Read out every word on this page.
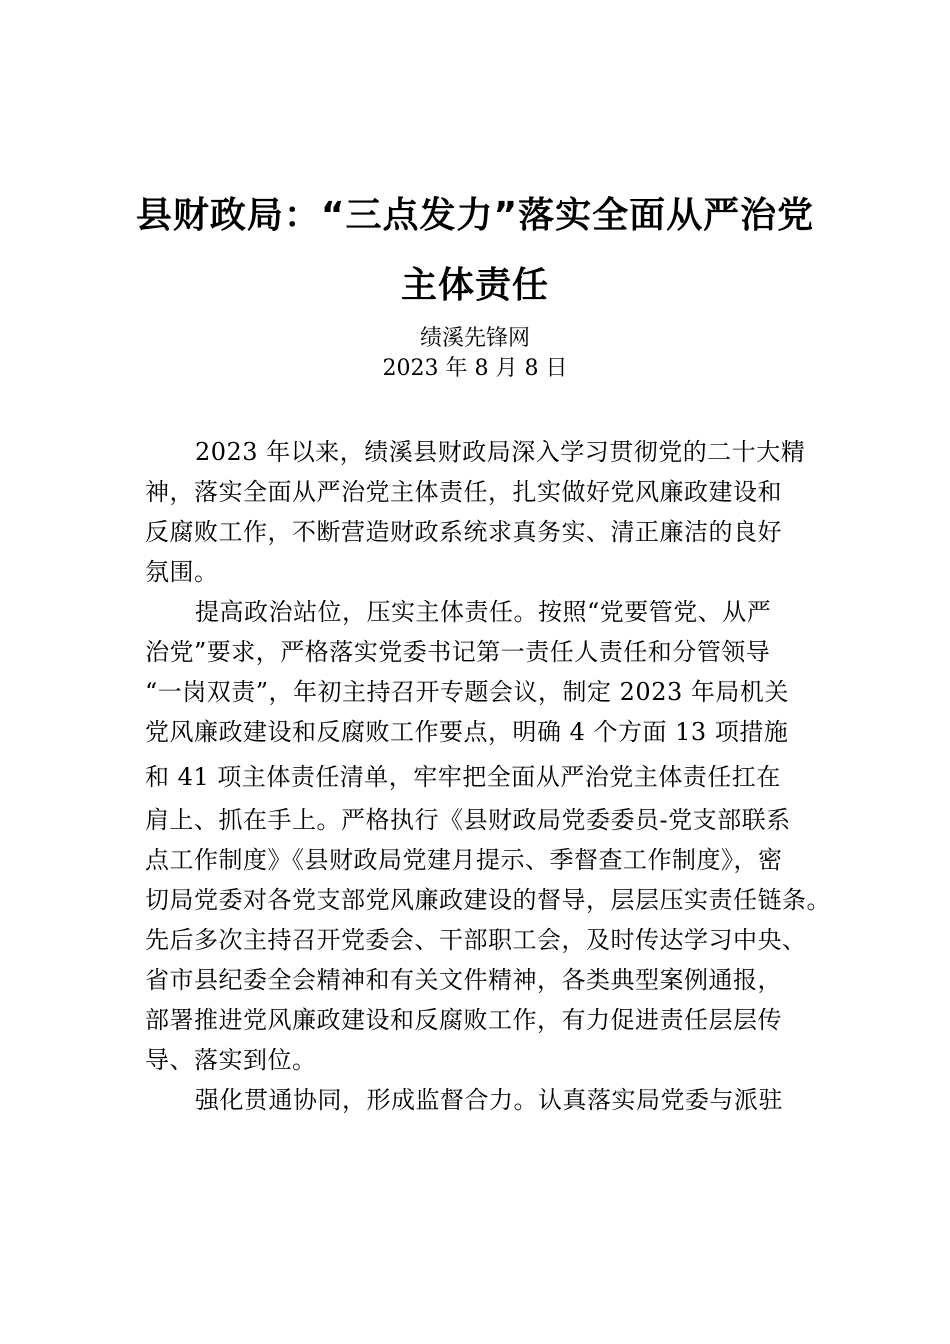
县财政局：“三点发力”落实全面从严治党
主体责任

绩溪先锋网

2023 年 8 月 8 日

2023 年以来，绩溪县财政局深入学习贯彻党的二十大精

神，落实全面从严治党主体责任，扎实做好党风廉政建设和

反腐败工作，不断营造财政系统求真务实、清正廉洁的良好

氛围。

提高政治站位，压实主体责任。按照“党要管党、从严

治党”要求，严格落实党委书记第一责任人责任和分管领导

“一岗双责”，年初主持召开专题会议，制定 2023 年局机关

党风廉政建设和反腐败工作要点，明确 4 个方面 13 项措施

和 41 项主体责任清单，牢牢把全面从严治党主体责任扛在

肩上、抓在手上。严格执行《县财政局党委委员-党支部联系

点工作制度》《县财政局党建月提示、季督查工作制度》，密

切局党委对各党支部党风廉政建设的督导，层层压实责任链条。

先后多次主持召开党委会、干部职工会，及时传达学习中央、

省市县纪委全会精神和有关文件精神，各类典型案例通报，

部署推进党风廉政建设和反腐败工作，有力促进责任层层传

导、落实到位。

强化贯通协同，形成监督合力。认真落实局党委与派驻
